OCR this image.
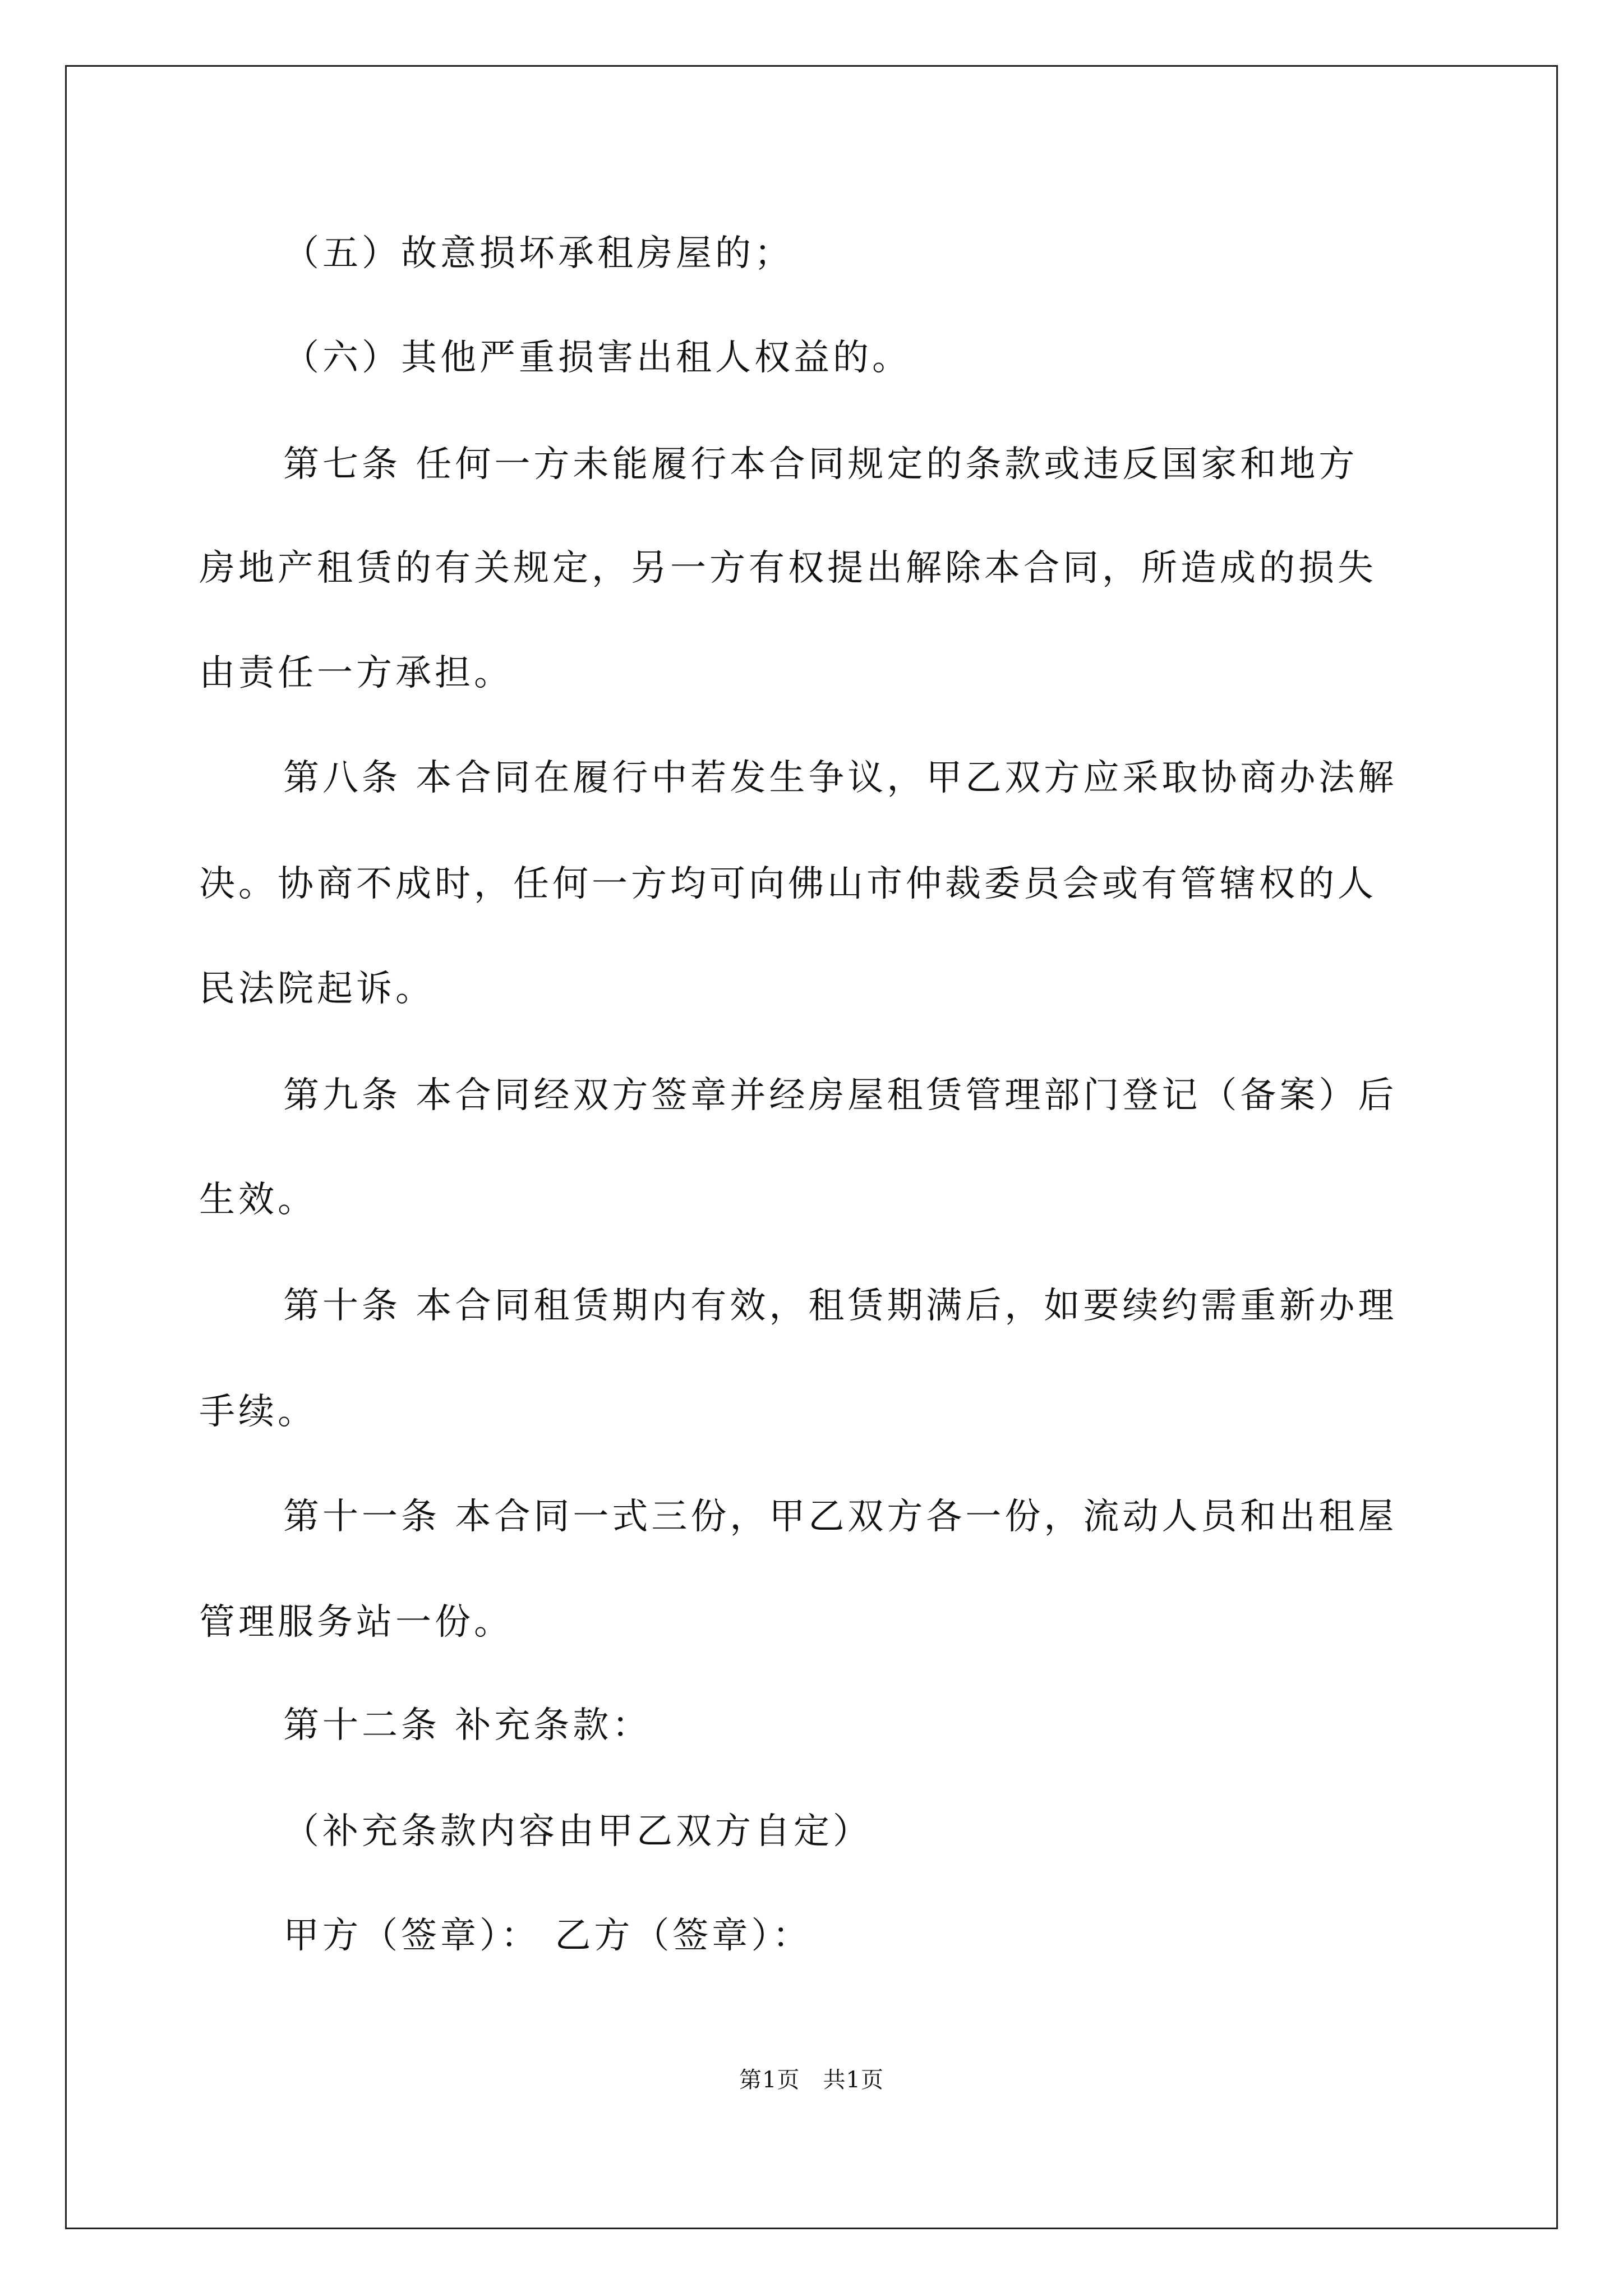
（五）故意损坏承租房屋的；
（六）其他严重损害出租人权益的。
第七条 任何一方未能履行本合同规定的条款或违反国家和地方
房地产租赁的有关规定，另一方有权提出解除本合同，所造成的损失
由责任一方承担。
第八条 本合同在履行中若发生争议，甲乙双方应采取协商办法解
决。协商不成时，任何一方均可向佛山市仲裁委员会或有管辖权的人
民法院起诉。
第九条 本合同经双方签章并经房屋租赁管理部门登记（备案）后
生效。
第十条 本合同租赁期内有效，租赁期满后，如要续约需重新办理
手续。
第十一条 本合同一式三份，甲乙双方各一份，流动人员和出租屋
管理服务站一份。
第十二条 补充条款：
（补充条款内容由甲乙双方自定）
甲方（签章）： 乙方（签章）：
第1页   共1页
